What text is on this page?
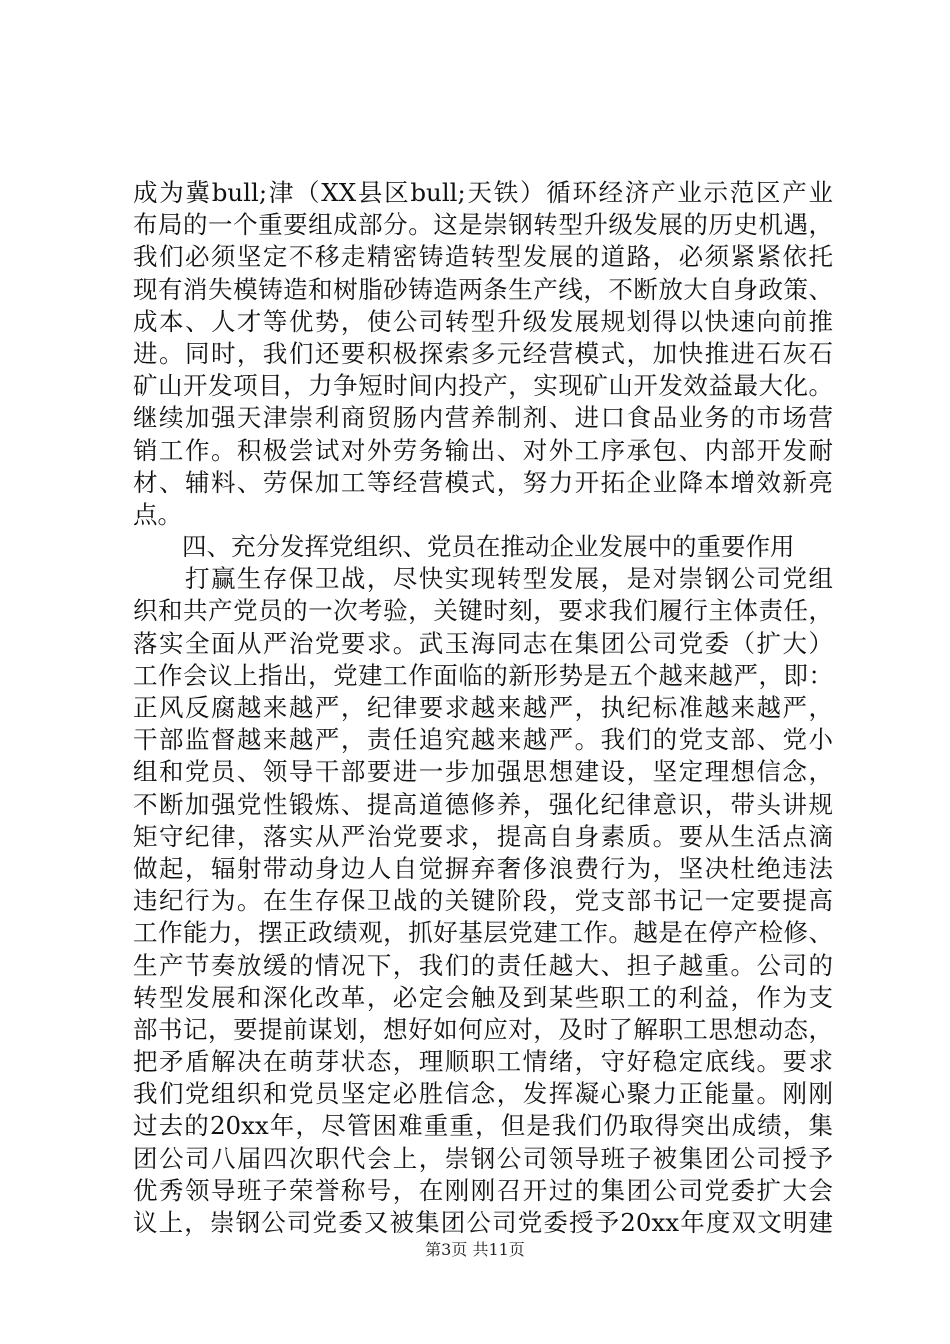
成为冀bull;津（XX县区bull;天铁）循环经济产业示范区产业
布局的一个重要组成部分。这是崇钢转型升级发展的历史机遇，
我们必须坚定不移走精密铸造转型发展的道路，必须紧紧依托
现有消失模铸造和树脂砂铸造两条生产线，不断放大自身政策、
成本、人才等优势，使公司转型升级发展规划得以快速向前推
进。同时，我们还要积极探索多元经营模式，加快推进石灰石
矿山开发项目，力争短时间内投产，实现矿山开发效益最大化。
继续加强天津崇利商贸肠内营养制剂、进口食品业务的市场营
销工作。积极尝试对外劳务输出、对外工序承包、内部开发耐
材、辅料、劳保加工等经营模式，努力开拓企业降本增效新亮
点。
　　四、充分发挥党组织、党员在推动企业发展中的重要作用
　　打赢生存保卫战，尽快实现转型发展，是对崇钢公司党组
织和共产党员的一次考验，关键时刻，要求我们履行主体责任，
落实全面从严治党要求。武玉海同志在集团公司党委（扩大）
工作会议上指出，党建工作面临的新形势是五个越来越严，即：
正风反腐越来越严，纪律要求越来越严，执纪标准越来越严，
干部监督越来越严，责任追究越来越严。我们的党支部、党小
组和党员、领导干部要进一步加强思想建设，坚定理想信念，
不断加强党性锻炼、提高道德修养，强化纪律意识，带头讲规
矩守纪律，落实从严治党要求，提高自身素质。要从生活点滴
做起，辐射带动身边人自觉摒弃奢侈浪费行为，坚决杜绝违法
违纪行为。在生存保卫战的关键阶段，党支部书记一定要提高
工作能力，摆正政绩观，抓好基层党建工作。越是在停产检修、
生产节奏放缓的情况下，我们的责任越大、担子越重。公司的
转型发展和深化改革，必定会触及到某些职工的利益，作为支
部书记，要提前谋划，想好如何应对，及时了解职工思想动态，
把矛盾解决在萌芽状态，理顺职工情绪，守好稳定底线。要求
我们党组织和党员坚定必胜信念，发挥凝心聚力正能量。刚刚
过去的20xx年，尽管困难重重，但是我们仍取得突出成绩，集
团公司八届四次职代会上，崇钢公司领导班子被集团公司授予
优秀领导班子荣誉称号，在刚刚召开过的集团公司党委扩大会
议上，崇钢公司党委又被集团公司党委授予20xx年度双文明建
第3页 共11页
